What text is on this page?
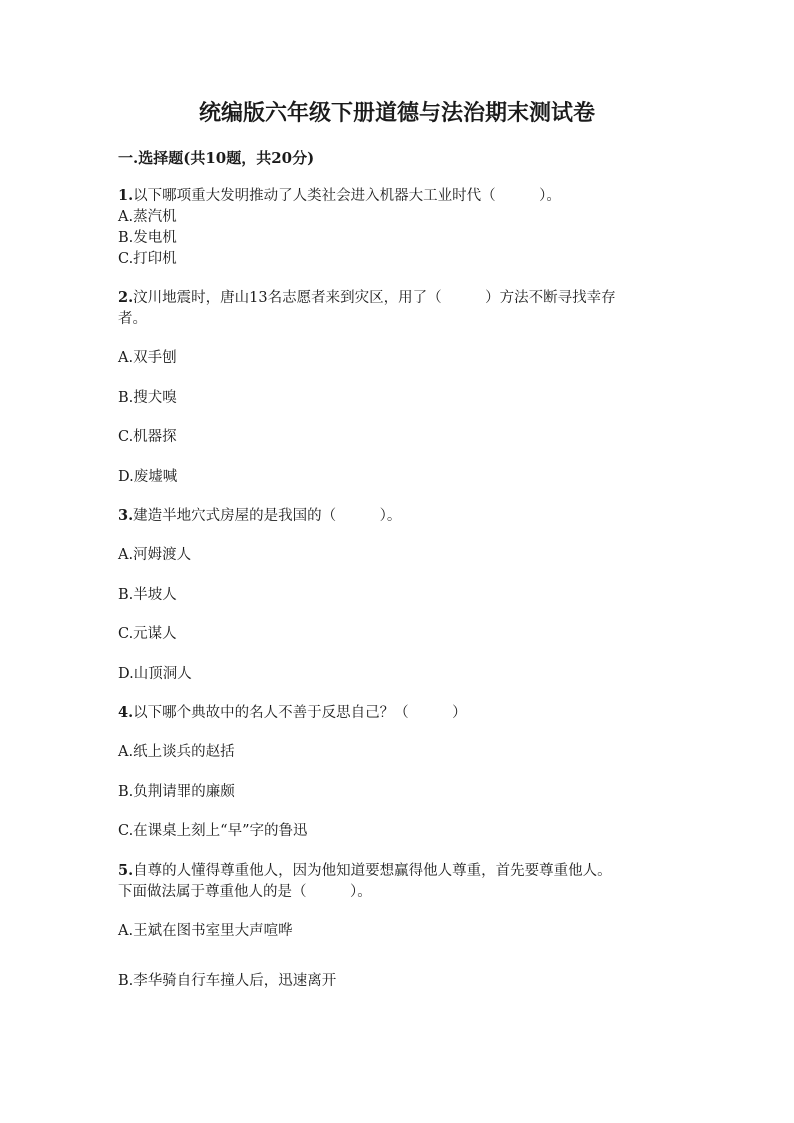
统编版六年级下册道德与法治期末测试卷
一.选择题(共10题，共20分)
1.以下哪项重大发明推动了人类社会进入机器大工业时代（　　　）。
A.蒸汽机
B.发电机
C.打印机
2.汶川地震时，唐山13名志愿者来到灾区，用了（　　　）方法不断寻找幸存
者。
A.双手刨
B.搜犬嗅
C.机器探
D.废墟喊
3.建造半地穴式房屋的是我国的（　　　）。
A.河姆渡人
B.半坡人
C.元谋人
D.山顶洞人
4.以下哪个典故中的名人不善于反思自己？（　　　）
A.纸上谈兵的赵括
B.负荆请罪的廉颇
C.在课桌上刻上“早”字的鲁迅
5.自尊的人懂得尊重他人，因为他知道要想赢得他人尊重，首先要尊重他人。
下面做法属于尊重他人的是（　　　）。
A.王斌在图书室里大声喧哗
B.李华骑自行车撞人后，迅速离开
